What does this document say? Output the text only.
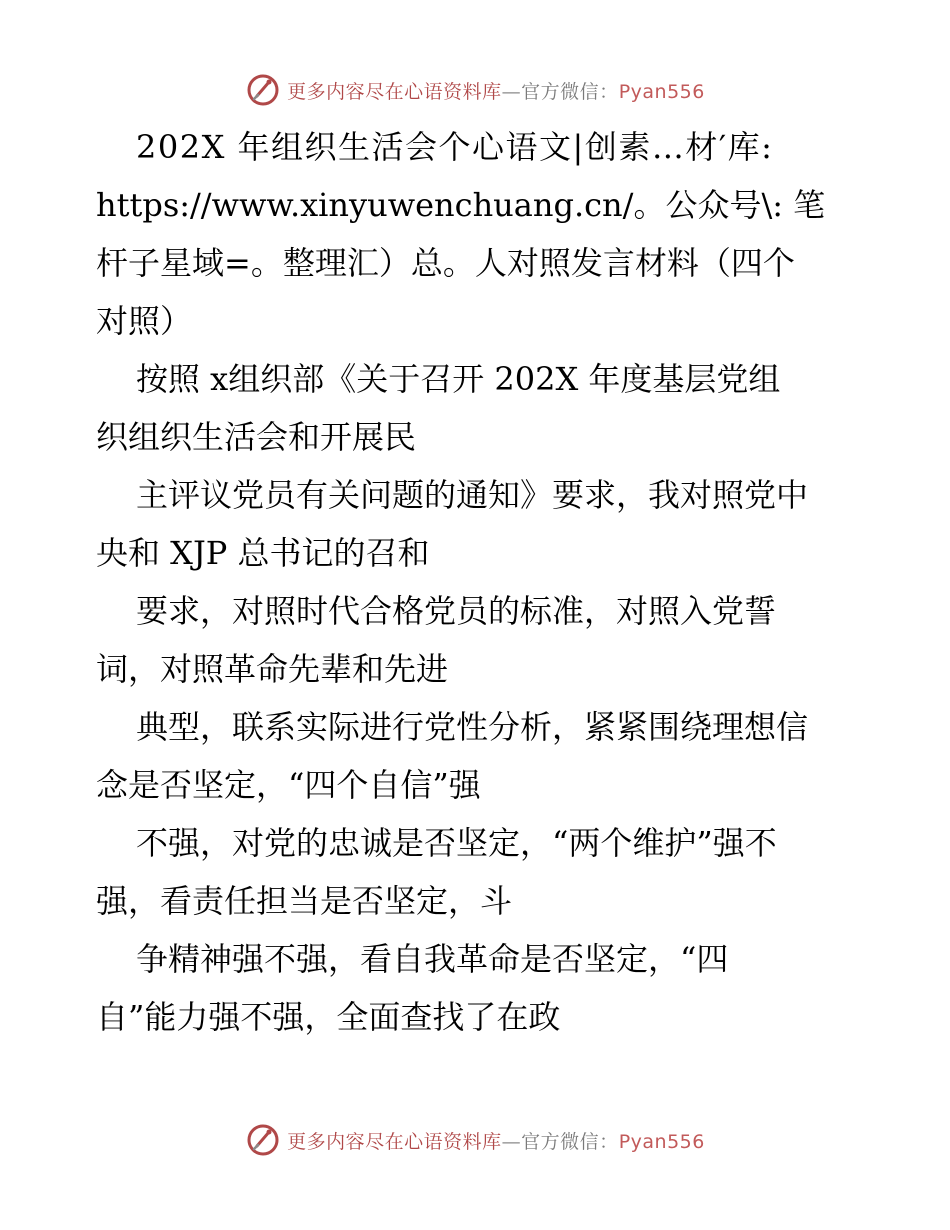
更多内容尽在心语资料库—官方微信：Pyan556
202X 年组织生活会个心语文|创素…材′库:
https://www.xinyuwenchuang.cn/。公众号\: 笔
杆子星域=。整理汇）总。人对照发言材料（四个
对照）
按照 x组织部《关于召开 202X 年度基层党组
织组织生活会和开展民
主评议党员有关问题的通知》要求，我对照党中
央和 XJP 总书记的召和
要求，对照时代合格党员的标准，对照入党誓
词，对照革命先辈和先进
典型，联系实际进行党性分析，紧紧围绕理想信
念是否坚定，“四个自信”强
不强，对党的忠诚是否坚定，“两个维护”强不
强，看责任担当是否坚定，斗
争精神强不强，看自我革命是否坚定，“四
自”能力强不强，全面查找了在政
更多内容尽在心语资料库—官方微信：Pyan556
